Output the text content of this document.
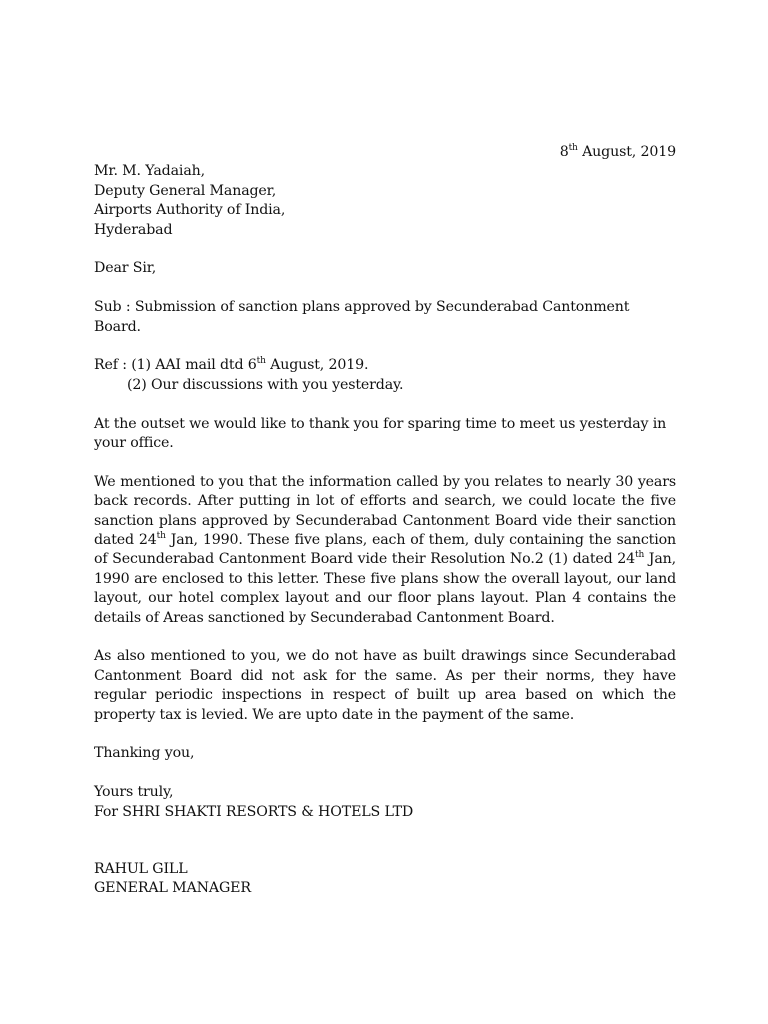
8th August, 2019

Mr. M. Yadaiah,
Deputy General Manager,
Airports Authority of India,
Hyderabad

Dear Sir,

Sub : Submission of sanction plans approved by Secunderabad Cantonment Board.

Ref : (1) AAI mail dtd 6th August, 2019.
(2) Our discussions with you yesterday.

At the outset we would like to thank you for sparing time to meet us yesterday in your office.

We mentioned to you that the information called by you relates to nearly 30 years back records. After putting in lot of efforts and search, we could locate the five sanction plans approved by Secunderabad Cantonment Board vide their sanction dated 24th Jan, 1990. These five plans, each of them, duly containing the sanction of Secunderabad Cantonment Board vide their Resolution No.2 (1) dated 24th Jan, 1990 are enclosed to this letter. These five plans show the overall layout, our land layout, our hotel complex layout and our floor plans layout. Plan 4 contains the details of Areas sanctioned by Secunderabad Cantonment Board.

As also mentioned to you, we do not have as built drawings since Secunderabad Cantonment Board did not ask for the same. As per their norms, they have regular periodic inspections in respect of built up area based on which the property tax is levied. We are upto date in the payment of the same.

Thanking you,

Yours truly,

For SHRI SHAKTI RESORTS & HOTELS LTD

RAHUL GILL

GENERAL MANAGER
